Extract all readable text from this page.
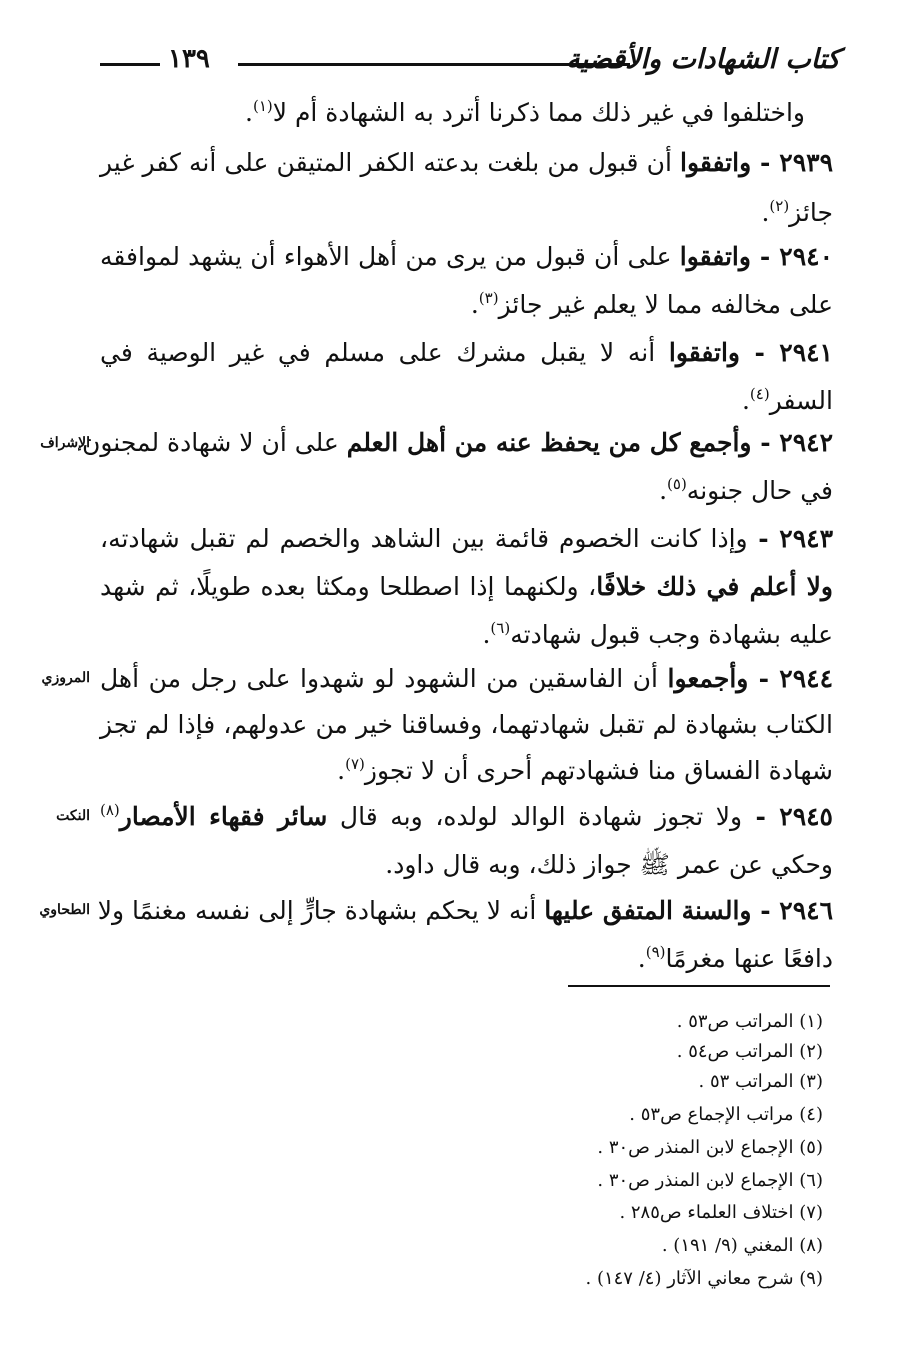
١٣٩	كتاب الشهادات والأقضية
واختلفوا في غير ذلك مما ذكرنا أترد به الشهادة أم لا$^{(١)}$.
٢٩٣٩ - واتفقوا أن قبول من بلغت بدعته الكفر المتيقن على أنه كفر غير
جائز$^{(٢)}$.
٢٩٤٠ - واتفقوا على أن قبول من يرى من أهل الأهواء أن يشهد لموافقه
على مخالفه مما لا يعلم غير جائز$^{(٣)}$.
٢٩٤١ - واتفقوا أنه لا يقبل مشرك على مسلم في غير الوصية في
السفر$^{(٤)}$.
٢٩٤٢ - وأجمع كل من يحفظ عنه من أهل العلم على أن لا شهادة لمجنون
في حال جنونه$^{(٥)}$.
٢٩٤٣ - وإذا كانت الخصوم قائمة بين الشاهد والخصم لم تقبل شهادته،
ولا أعلم في ذلك خلافًا، ولكنهما إذا اصطلحا ومكثا بعده طويلًا، ثم شهد
عليه بشهادة وجب قبول شهادته$^{(٦)}$.
٢٩٤٤ - وأجمعوا أن الفاسقين من الشهود لو شهدوا على رجل من أهل
الكتاب بشهادة لم تقبل شهادتهما، وفساقنا خير من عدولهم، فإذا لم تجز
شهادة الفساق منا فشهادتهم أحرى أن لا تجوز$^{(٧)}$.
٢٩٤٥ - ولا تجوز شهادة الوالد لولده، وبه قال سائر فقهاء الأمصار$^{(٨)}$
وحكي عن عمر ﷺ جواز ذلك، وبه قال داود.
٢٩٤٦ - والسنة المتفق عليها أنه لا يحكم بشهادة جارٍّ إلى نفسه مغنمًا ولا
دافعًا عنها مغرمًا$^{(٩)}$.
الإشراف
المروزي
النكت
الطحاوي
(١) المراتب ص٥٣ .
(٢) المراتب ص٥٤ .
(٣) المراتب ٥٣ .
(٤) مراتب الإجماع ص٥٣ .
(٥) الإجماع لابن المنذر ص٣٠ .
(٦) الإجماع لابن المنذر ص٣٠ .
(٧) اختلاف العلماء ص٢٨٥ .
(٨) المغني (٩/ ١٩١) .
(٩) شرح معاني الآثار (٤/ ١٤٧) .
